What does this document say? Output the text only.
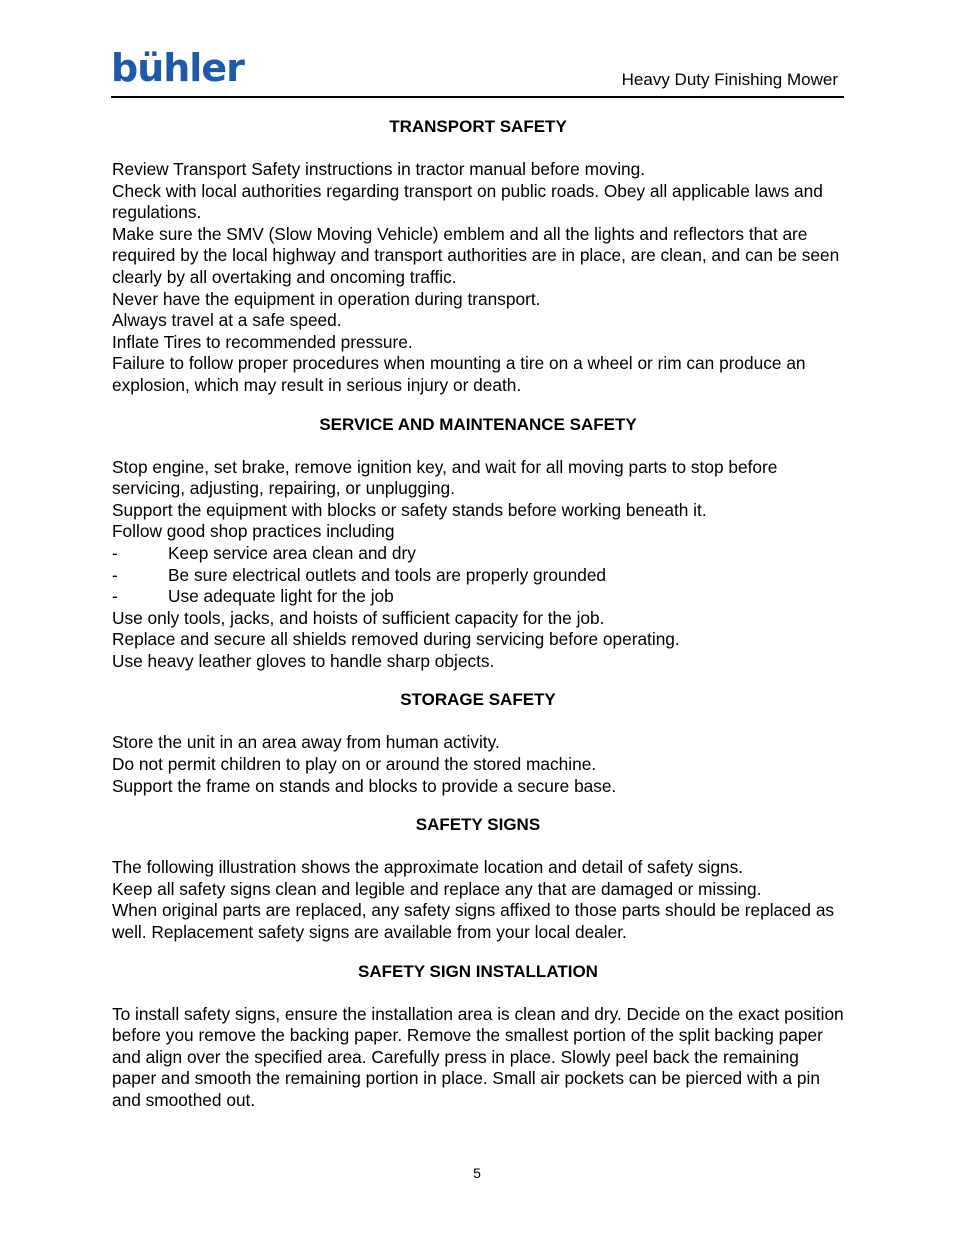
bühler	Heavy Duty Finishing Mower
TRANSPORT SAFETY

Review Transport Safety instructions in tractor manual before moving.

Check with local authorities regarding transport on public roads. Obey all applicable laws and regulations.

Make sure the SMV (Slow Moving Vehicle) emblem and all the lights and reflectors that are required by the local highway and transport authorities are in place, are clean, and can be seen clearly by all overtaking and oncoming traffic.

Never have the equipment in operation during transport.

Always travel at a safe speed.

Inflate Tires to recommended pressure.

Failure to follow proper procedures when mounting a tire on a wheel or rim can produce an explosion, which may result in serious injury or death.

SERVICE AND MAINTENANCE SAFETY

Stop engine, set brake, remove ignition key, and wait for all moving parts to stop before servicing, adjusting, repairing, or unplugging.

Support the equipment with blocks or safety stands before working beneath it.

Follow good shop practices including

-	Keep service area clean and dry
-	Be sure electrical outlets and tools are properly grounded
-	Use adequate light for the job

Use only tools, jacks, and hoists of sufficient capacity for the job.

Replace and secure all shields removed during servicing before operating.

Use heavy leather gloves to handle sharp objects.

STORAGE SAFETY

Store the unit in an area away from human activity.

Do not permit children to play on or around the stored machine.

Support the frame on stands and blocks to provide a secure base.

SAFETY SIGNS

The following illustration shows the approximate location and detail of safety signs.

Keep all safety signs clean and legible and replace any that are damaged or missing.

When original parts are replaced, any safety signs affixed to those parts should be replaced as well. Replacement safety signs are available from your local dealer.

SAFETY SIGN INSTALLATION

To install safety signs, ensure the installation area is clean and dry. Decide on the exact position before you remove the backing paper. Remove the smallest portion of the split backing paper and align over the specified area. Carefully press in place. Slowly peel back the remaining paper and smooth the remaining portion in place. Small air pockets can be pierced with a pin and smoothed out.

5
